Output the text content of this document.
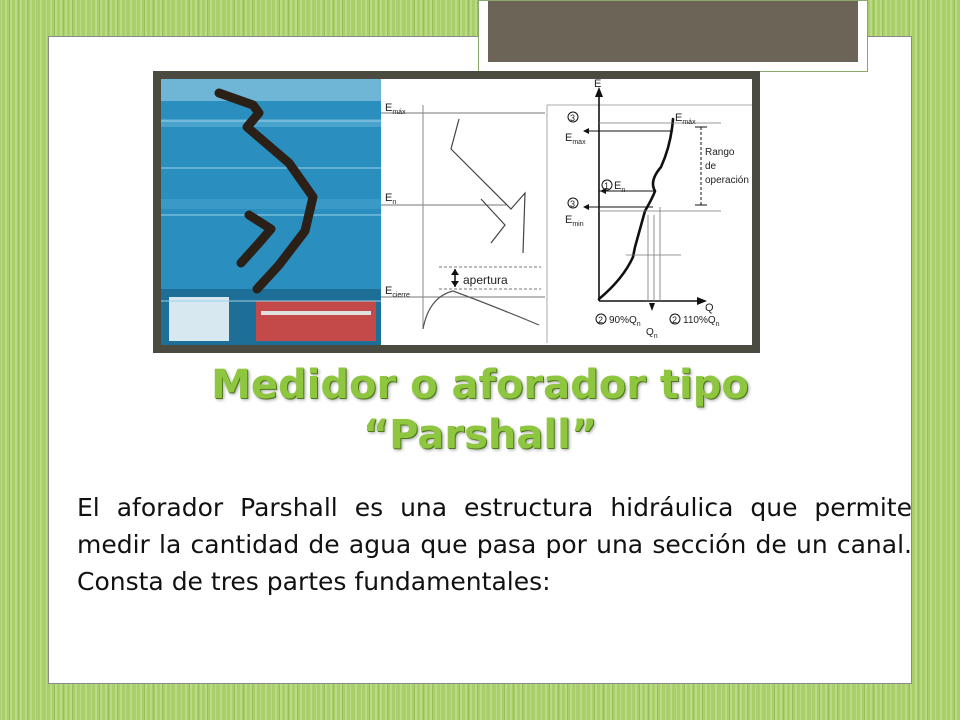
$E_{máx}$
$E_n$
$E_{cierre}$
apertura
E
Q
3
$E_{max}$
$E_{máx}$
1 $E_n$
3
$E_{min}$
Rango
de
operación
2 $90\%Q_n$	2 $110\%Q_n$
$Q_n$
Medidor o aforador tipo
“Parshall”
El aforador Parshall es una estructura hidráulica que permite medir la cantidad de agua que pasa por una sección de un canal. Consta de tres partes fundamentales:
